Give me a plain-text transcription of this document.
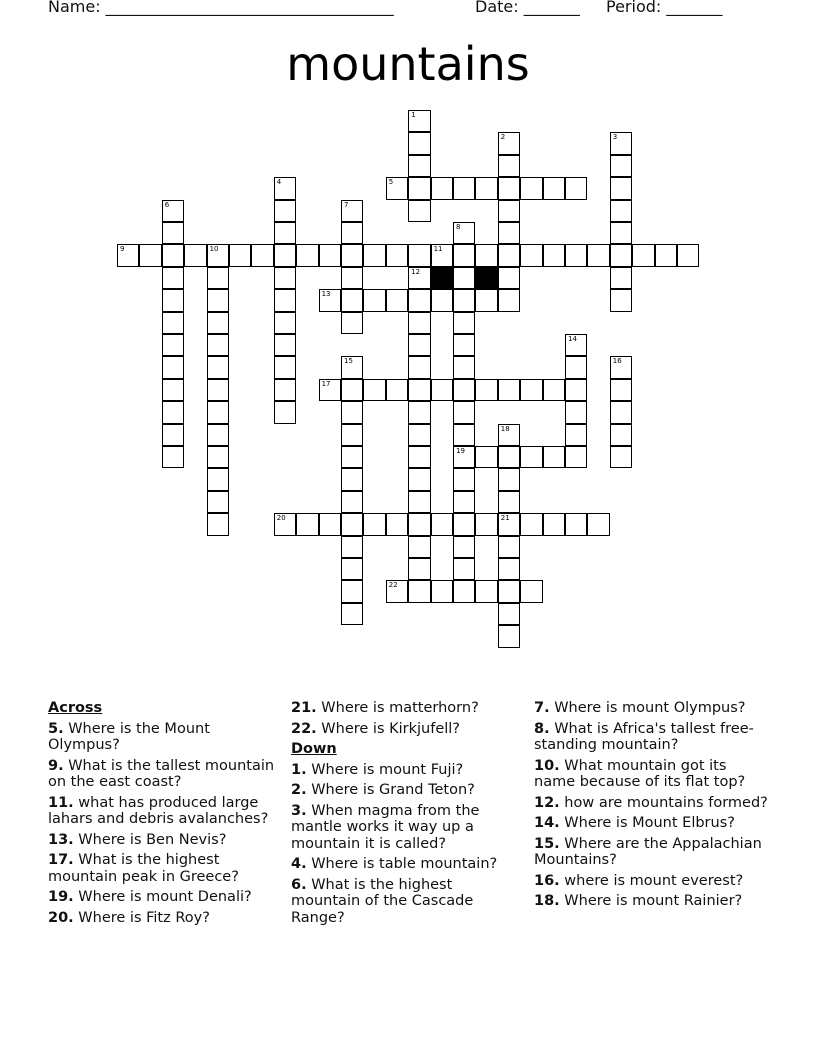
Name: ____________________________________	Date: _______ Period: _______
mountains
1
2	3
4	5
6	7
8
19
9	10	11
12
13
14
15	16
17
18
21
20
22
Across
5. Where is the Mount Olympus?
9. What is the tallest mountain on the east coast?
11. what has produced large lahars and debris avalanches?
13. Where is Ben Nevis?
17. What is the highest mountain peak in Greece?
19. Where is mount Denali?
20. Where is Fitz Roy?
21. Where is matterhorn?
22. Where is Kirkjufell?
Down
1. Where is mount Fuji?
2. Where is Grand Teton?
3. When magma from the mantle works it way up a mountain it is called?
4. Where is table mountain?
6. What is the highest mountain of the Cascade Range?
7. Where is mount Olympus?
8. What is Africa's tallest free-standing mountain?
10. What mountain got its name because of its flat top?
12. how are mountains formed?
14. Where is Mount Elbrus?
15. Where are the Appalachian Mountains?
16. where is mount everest?
18. Where is mount Rainier?
